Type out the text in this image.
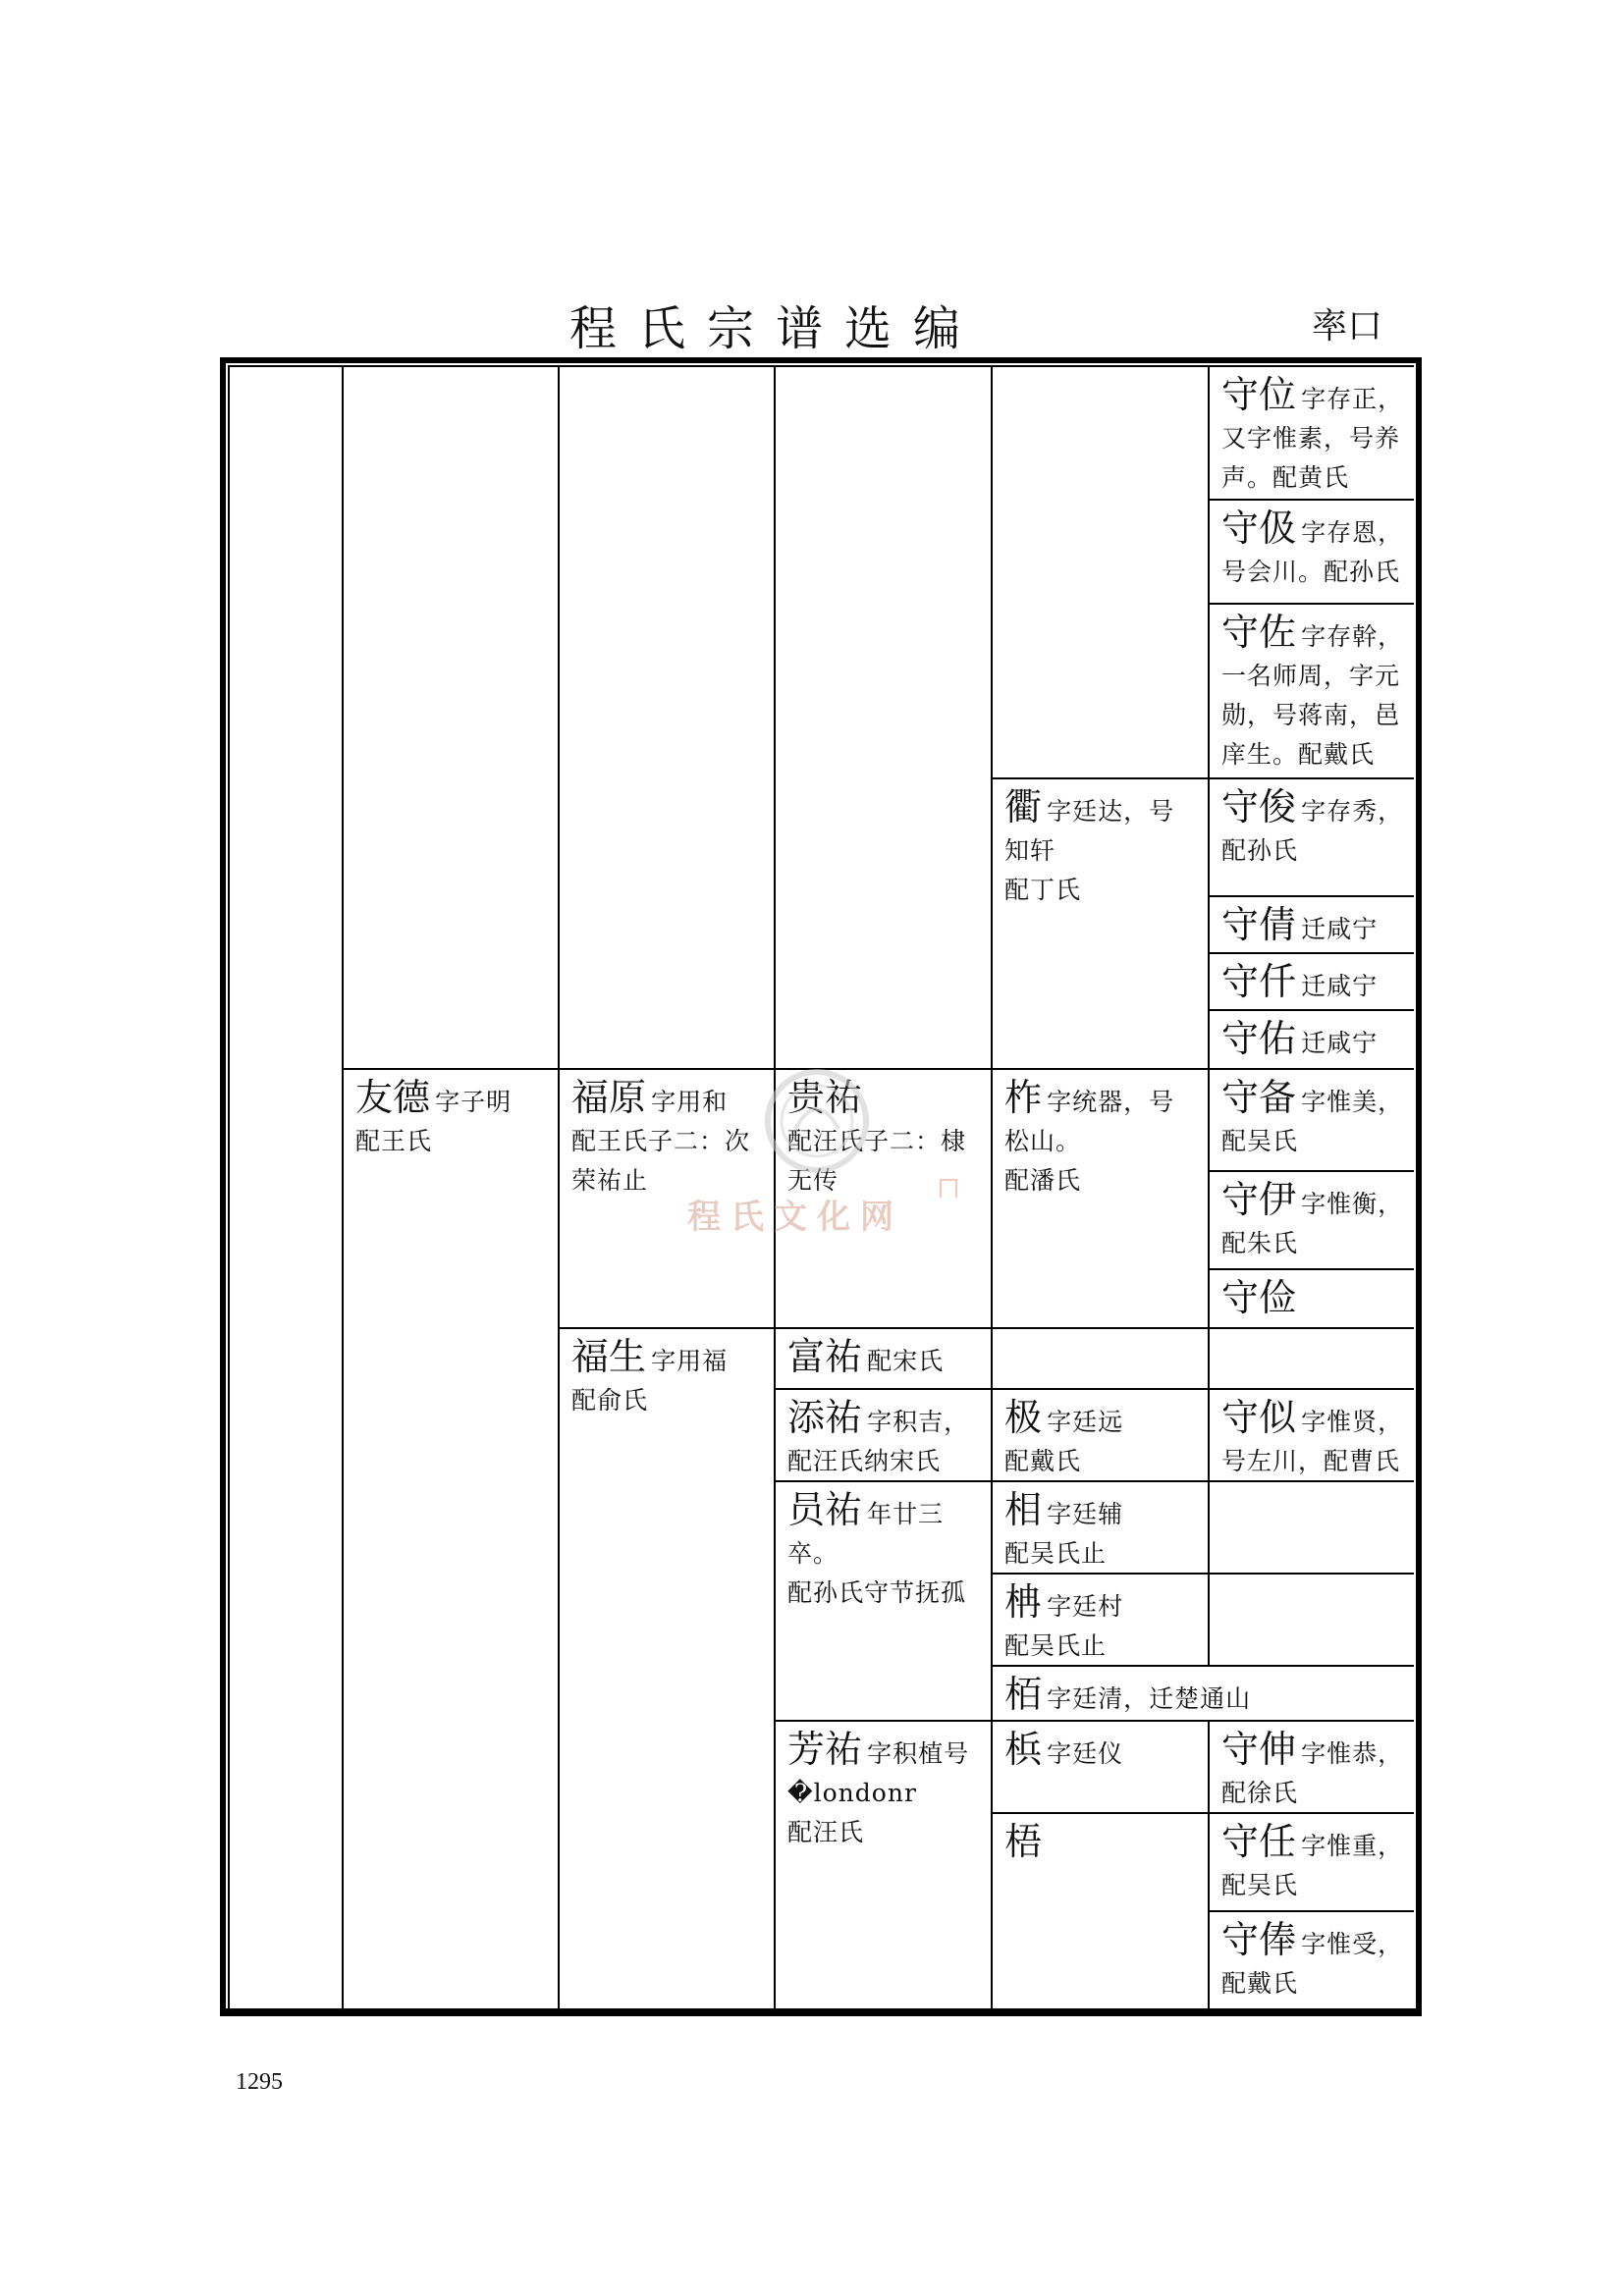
程氏宗谱选编	率口
友德 字子明
配王氏
福原 字用和
配王氏子二：次荣祐止
福生 字用福
配俞氏
贵祐
配汪氏子二：棣无传
富祐 配宋氏
添祐 字积吉，
配汪氏纳宋氏
员祐 年廿三卒。
配孙氏守节抚孤
芳祐 字积植号�londonr
配汪氏
衢 字廷达，号知轩
配丁氏
柞 字统器，号松山。
配潘氏
极 字廷远
配戴氏
相 字廷辅
配吴氏止
柟 字廷村
配吴氏止
栢 字廷清，迁楚通山
梹 字廷仪
梧
守位 字存正，又字惟素，号养声。配黄氏
守伋 字存恩，号会川。配孙氏
守佐 字存幹，一名师周，字元勋，号蒋南，邑庠生。配戴氏
守俊 字存秀，配孙氏
守倩 迁咸宁
守仟 迁咸宁
守佑 迁咸宁
守备 字惟美，配吴氏
守伊 字惟衡，配朱氏
守俭
守似 字惟贤，号左川，配曹氏
守伸 字惟恭，配徐氏
守任 字惟重，配吴氏
守俸 字惟受，配戴氏
程氏文化网
1295
